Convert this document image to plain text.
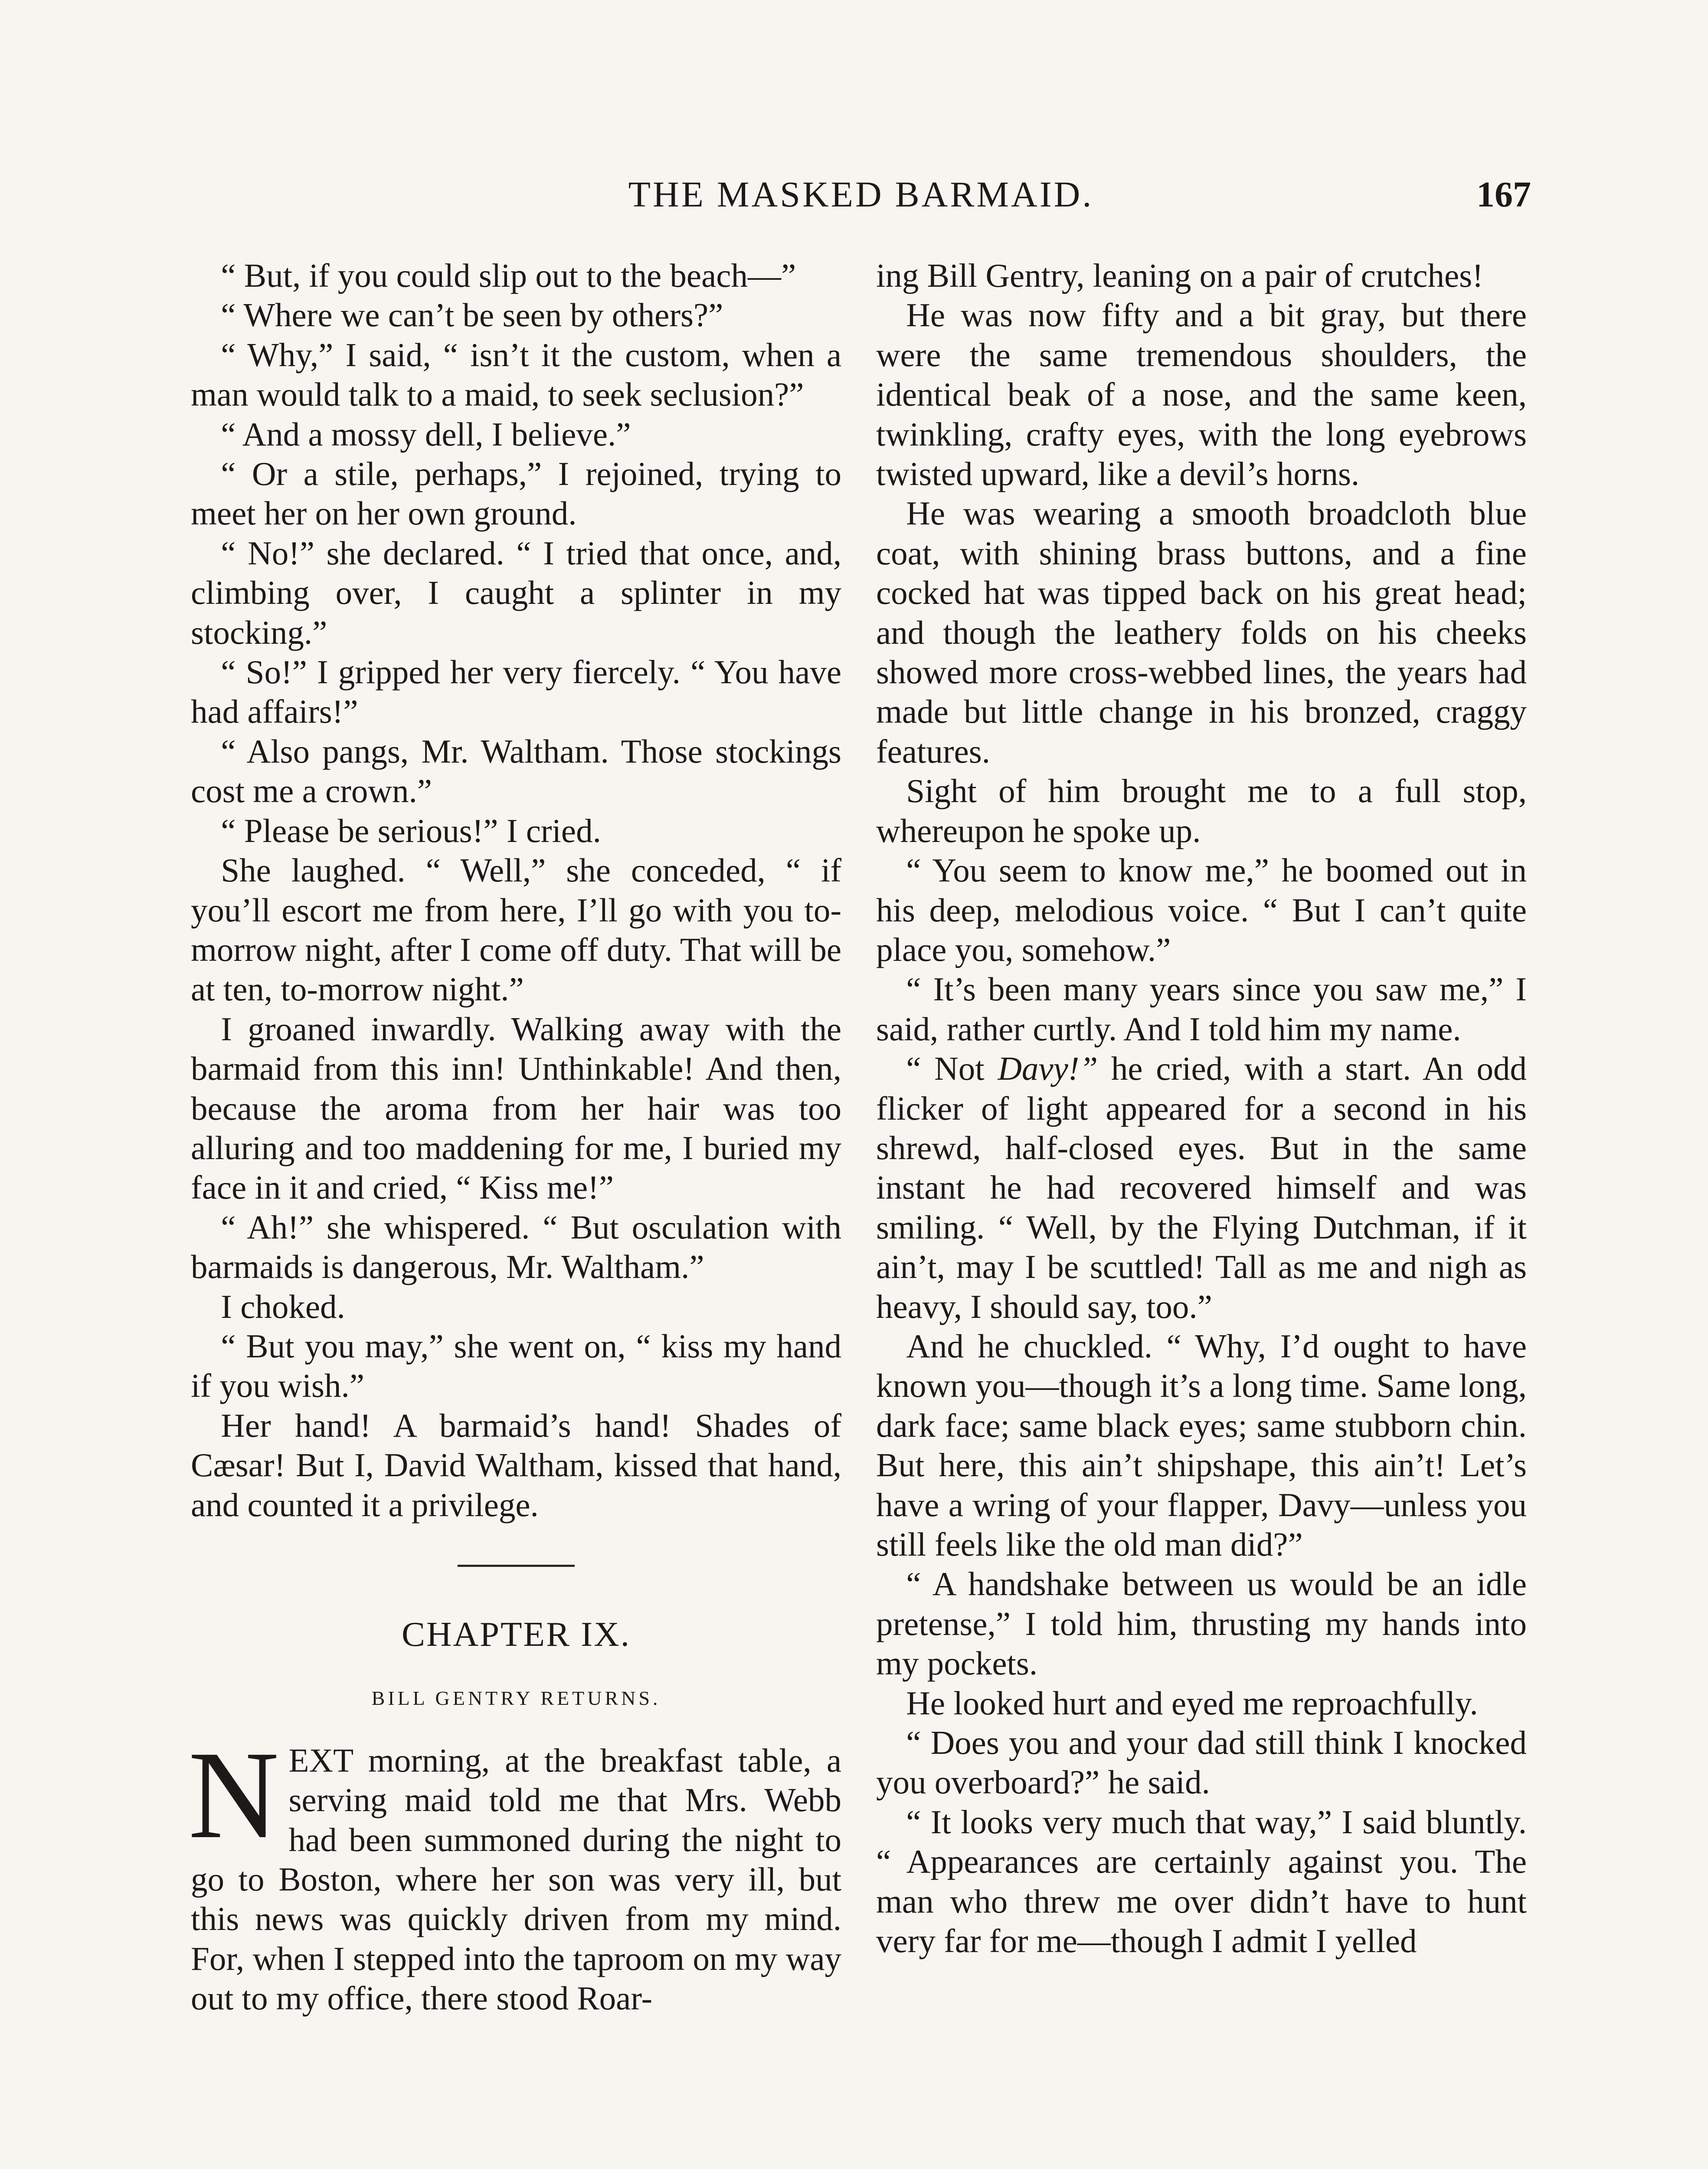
THE MASKED BARMAID.	167

“ But, if you could slip out to the beach—”

“ Where we can’t be seen by others?”

“ Why,” I said, “ isn’t it the custom, when a man would talk to a maid, to seek seclusion?”

“ And a mossy dell, I believe.”

“ Or a stile, perhaps,” I rejoined, trying to meet her on her own ground.

“ No!” she declared. “ I tried that once, and, climbing over, I caught a splinter in my stocking.”

“ So!” I gripped her very fiercely. “ You have had affairs!”

“ Also pangs, Mr. Waltham. Those stockings cost me a crown.”

“ Please be serious!” I cried.

She laughed. “ Well,” she conceded, “ if you’ll escort me from here, I’ll go with you to-morrow night, after I come off duty. That will be at ten, to-morrow night.”

I groaned inwardly. Walking away with the barmaid from this inn! Unthinkable! And then, because the aroma from her hair was too alluring and too maddening for me, I buried my face in it and cried, “ Kiss me!”

“ Ah!” she whispered. “ But osculation with barmaids is dangerous, Mr. Waltham.”

I choked.

“ But you may,” she went on, “ kiss my hand if you wish.”

Her hand! A barmaid’s hand! Shades of Cæsar! But I, David Waltham, kissed that hand, and counted it a privilege.

CHAPTER IX.
BILL GENTRY RETURNS.

NEXT morning, at the breakfast table, a serving maid told me that Mrs. Webb had been summoned during the night to go to Boston, where her son was very ill, but this news was quickly driven from my mind. For, when I stepped into the taproom on my way out to my office, there stood Roar-

ing Bill Gentry, leaning on a pair of crutches!

He was now fifty and a bit gray, but there were the same tremendous shoulders, the identical beak of a nose, and the same keen, twinkling, crafty eyes, with the long eyebrows twisted upward, like a devil’s horns.

He was wearing a smooth broadcloth blue coat, with shining brass buttons, and a fine cocked hat was tipped back on his great head; and though the leathery folds on his cheeks showed more cross-webbed lines, the years had made but little change in his bronzed, craggy features.

Sight of him brought me to a full stop, whereupon he spoke up.

“ You seem to know me,” he boomed out in his deep, melodious voice. “ But I can’t quite place you, somehow.”

“ It’s been many years since you saw me,” I said, rather curtly. And I told him my name.

“ Not Davy!” he cried, with a start. An odd flicker of light appeared for a second in his shrewd, half-closed eyes. But in the same instant he had recovered himself and was smiling. “ Well, by the Flying Dutchman, if it ain’t, may I be scuttled! Tall as me and nigh as heavy, I should say, too.”

And he chuckled. “ Why, I’d ought to have known you—though it’s a long time. Same long, dark face; same black eyes; same stubborn chin. But here, this ain’t shipshape, this ain’t! Let’s have a wring of your flapper, Davy—unless you still feels like the old man did?”

“ A handshake between us would be an idle pretense,” I told him, thrusting my hands into my pockets.

He looked hurt and eyed me reproachfully.

“ Does you and your dad still think I knocked you overboard?” he said.

“ It looks very much that way,” I said bluntly. “ Appearances are certainly against you. The man who threw me over didn’t have to hunt very far for me—though I admit I yelled
